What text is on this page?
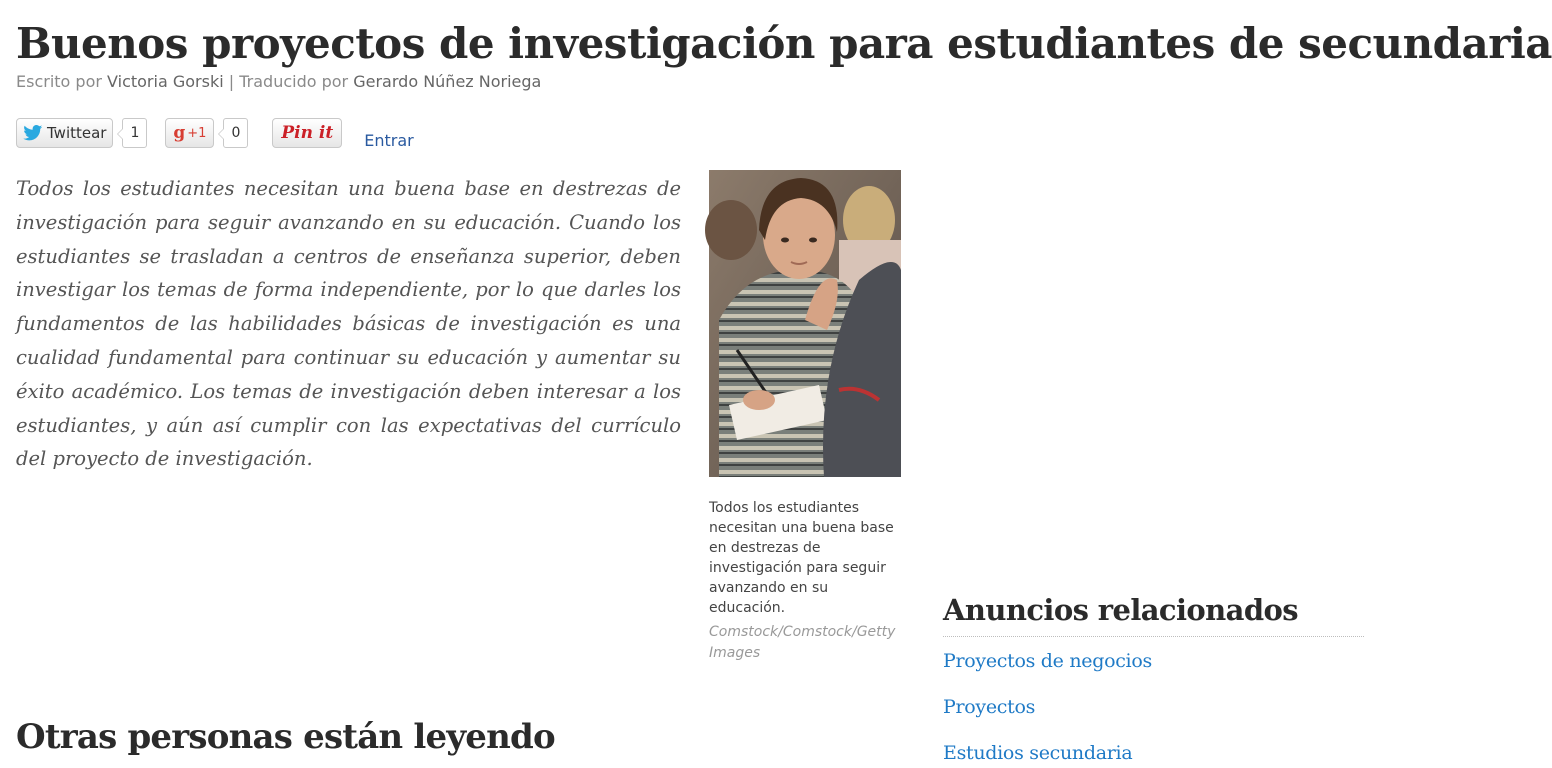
Buenos proyectos de investigación para estudiantes de secundaria
Escrito por Victoria Gorski | Traducido por Gerardo Núñez Noriega
Twittear	1	g +1	0	Pin it Entrar

Todos los estudiantes necesitan una buena base en destrezas de investigación para seguir avanzando en su educación. Cuando los estudiantes se trasladan a centros de enseñanza superior, deben investigar los temas de forma independiente, por lo que darles los fundamentos de las habilidades básicas de investigación es una cualidad fundamental para continuar su educación y aumentar su éxito académico. Los temas de investigación deben interesar a los estudiantes, y aún así cumplir con las expectativas del currículo del proyecto de investigación.

Todos los estudiantes necesitan una buena base en destrezas de investigación para seguir avanzando en su educación.

Comstock/Comstock/Getty Images

Anuncios relacionados
Proyectos de negocios
Proyectos
Estudios secundaria
Otras personas están leyendo
